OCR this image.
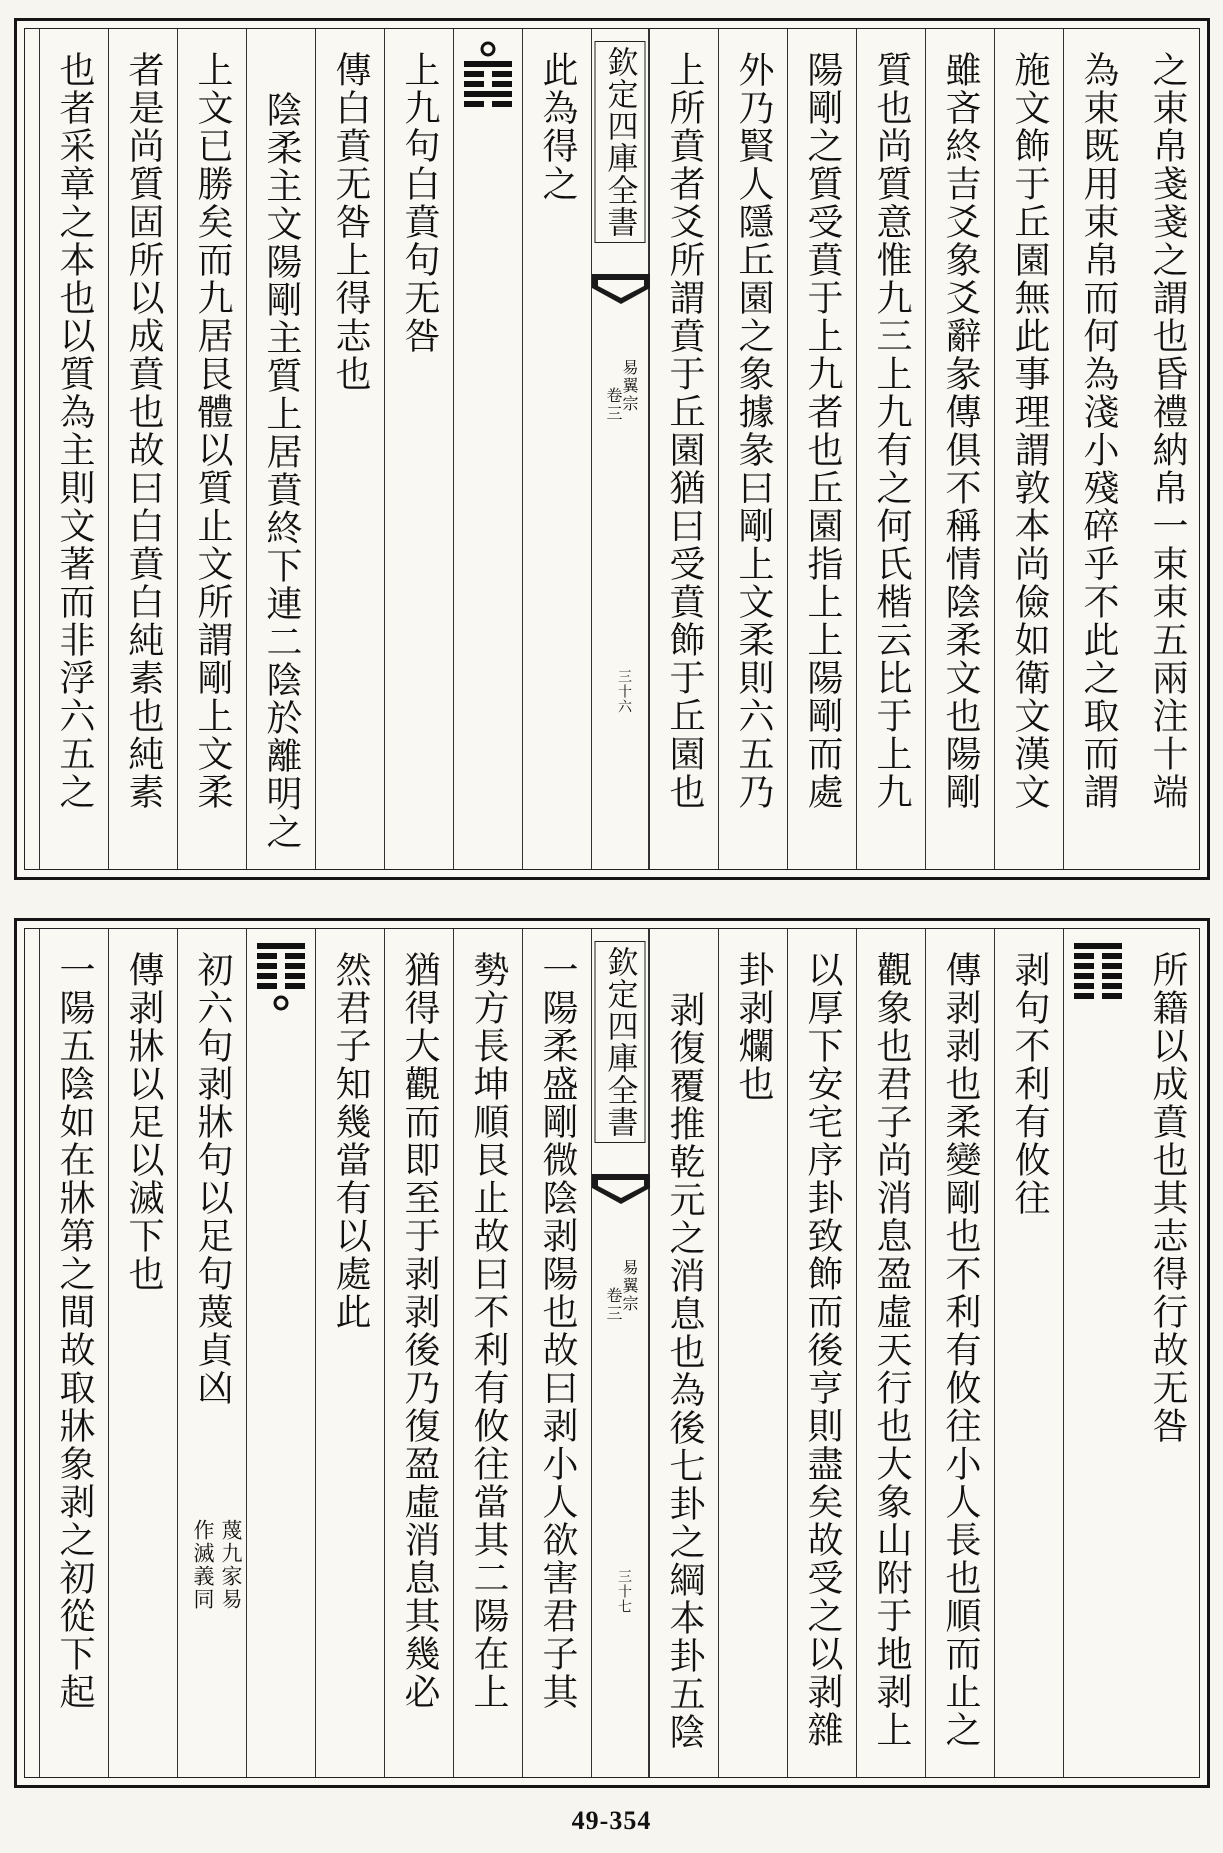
之束帛戔戔之謂也昏禮納帛一束束五兩注十端
為束既用束帛而何為淺小殘碎乎不此之取而謂
施文飾于丘園無此事理謂敦本尚儉如衛文漢文
雖吝終吉爻象爻辭彖傳俱不稱情陰柔文也陽剛
質也尚質意惟九三上九有之何氏楷云比于上九
陽剛之質受賁于上九者也丘園指上上陽剛而處
外乃賢人隱丘園之象據彖曰剛上文柔則六五乃
上所賁者爻所謂賁于丘園猶曰受賁飾于丘園也
欽定四庫全書
易翼宗
卷三
三十六
此為得之
上九句白賁句无咎
傳白賁无咎上得志也
陰柔主文陽剛主質上居賁終下連二陰於離明之
上文已勝矣而九居艮體以質止文所謂剛上文柔
者是尚質固所以成賁也故曰白賁白純素也純素
也者采章之本也以質為主則文著而非浮六五之
所籍以成賁也其志得行故无咎
剥句不利有攸往
傳剥剥也柔變剛也不利有攸往小人長也順而止之
觀象也君子尚消息盈虛天行也大象山附于地剥上
以厚下安宅序卦致飾而後亨則盡矣故受之以剥雜
卦剥爛也
剥復覆推乾元之消息也為後七卦之綱本卦五陰
欽定四庫全書
易翼宗
卷三
三十七
一陽柔盛剛微陰剥陽也故曰剥小人欲害君子其
勢方長坤順艮止故曰不利有攸往當其二陽在上
猶得大觀而即至于剥剥後乃復盈虛消息其幾必
然君子知幾當有以處此
初六句剥牀句以足句蔑貞凶
蔑九家易
作滅義同
傳剥牀以足以滅下也
一陽五陰如在牀第之間故取牀象剥之初從下起
49-354
